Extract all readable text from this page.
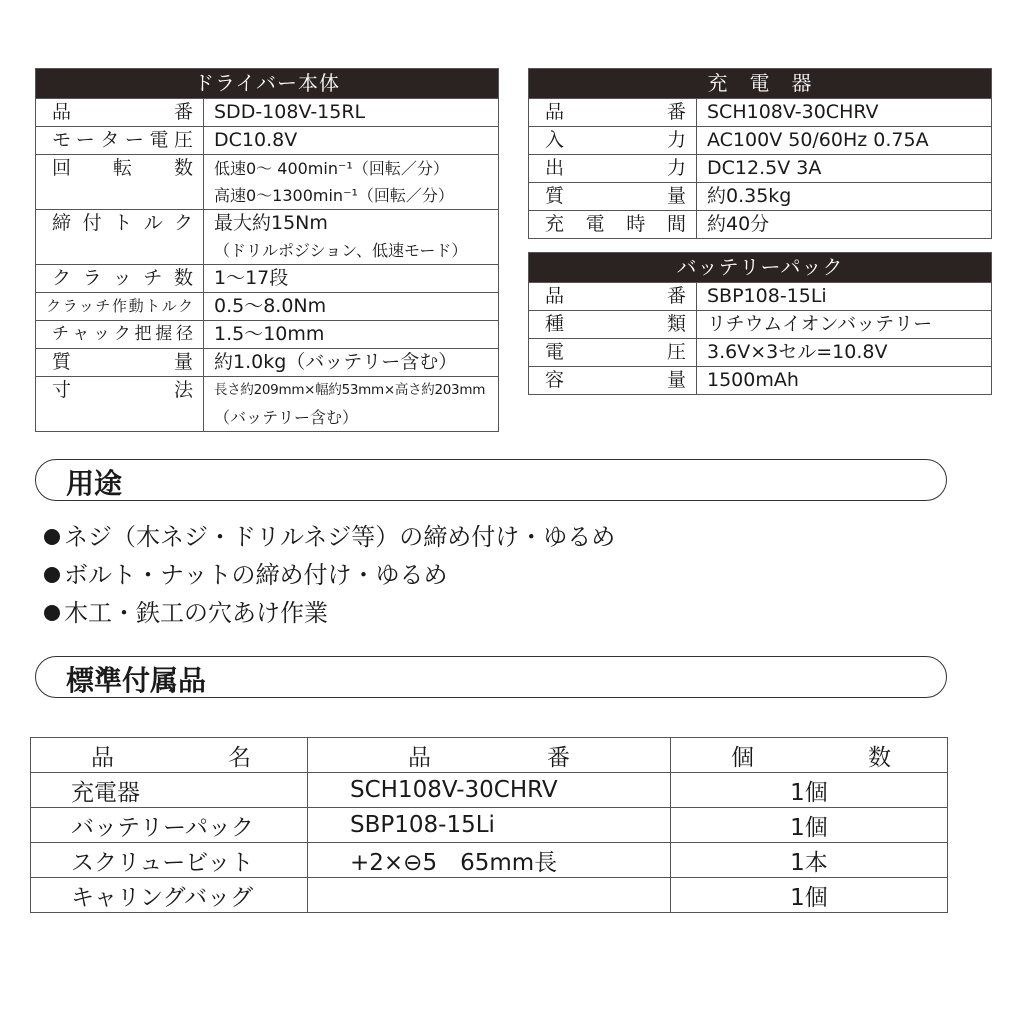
ドライバー本体	
品番	SDD-108V-15RL

モーター電圧	DC10.8V

回転数	低速0～ 400min⁻¹（回転／分）
高速0～1300min⁻¹（回転／分）

締付トルク	最大約15Nm
（ドリルポジション、低速モード）

クラッチ数	1～17段

クラッチ作動トルク	0.5～8.0Nm

チャック把握径	1.5～10mm

質量	約1.0kg（バッテリー含む）

寸法	長さ約209mm×幅約53mm×高さ約203mm
（バッテリー含む）
充　電　器	
品番	SCH108V-30CHRV
入力	AC100V 50/60Hz 0.75A
出力	DC12.5V 3A
質量	約0.35kg
充電時間	約40分
バッテリーパック	
品番	SBP108-15Li
種類	リチウムイオンバッテリー
電圧	3.6V×3セル=10.8V
容量	1500mAh
用途
ネジ（木ネジ・ドリルネジ等）の締め付け・ゆるめ
ボルト・ナットの締め付け・ゆるめ
木工・鉄工の穴あけ作業
標準付属品
品 名	品 番	個 数

充電器	SCH108V-30CHRV	1個
バッテリーパック	SBP108-15Li	1個
スクリュービット	+2×⊖5　65mm長	1本
キャリングバッグ		1個
